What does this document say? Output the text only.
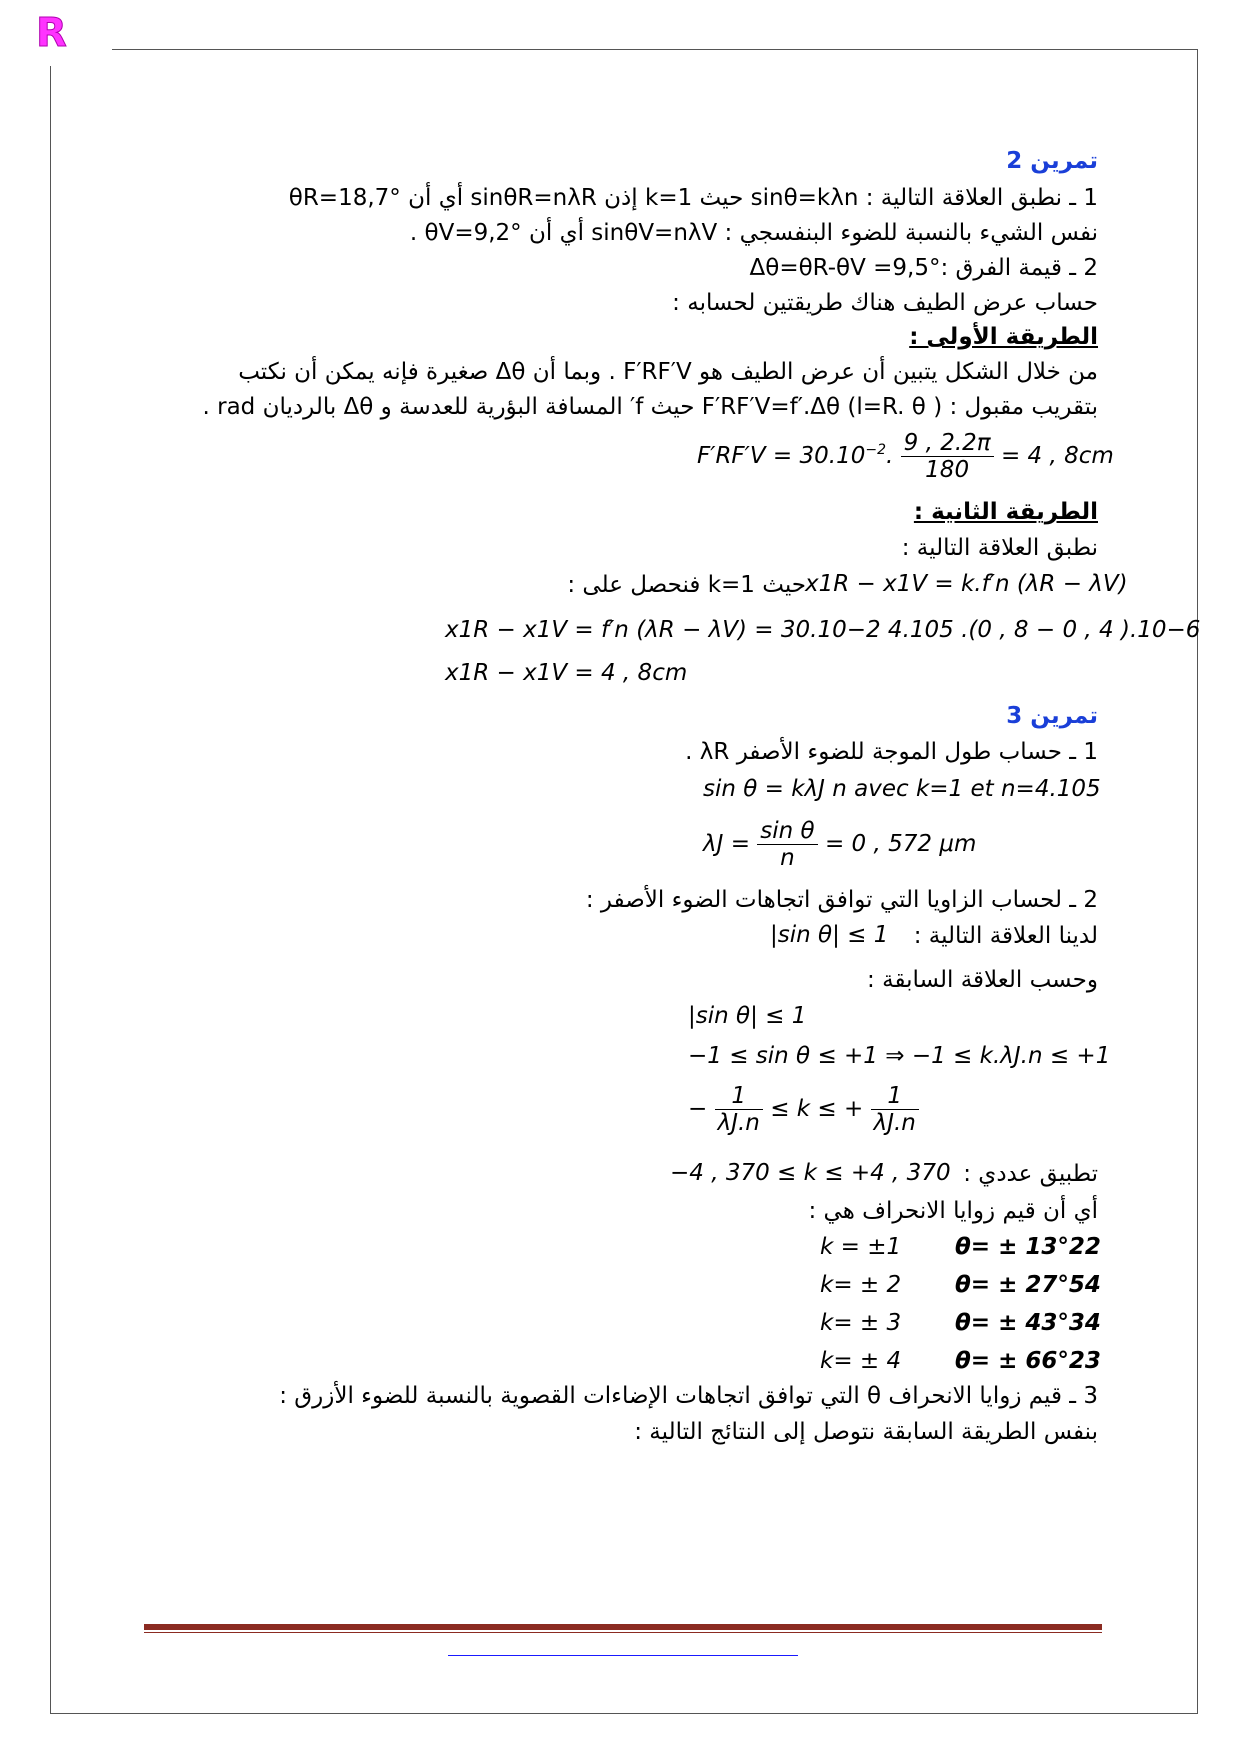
R
تمرين 2
1 ـ نطبق العلاقة التالية : sinθ=kλn حيث k=1 إذن sinθR=nλR أي أن θR=18,7°
نفس الشيء بالنسبة للضوء البنفسجي : sinθV=nλV أي أن θV=9,2° .
2 ـ قيمة الفرق :Δθ=θR-θV =9,5°
حساب عرض الطيف هناك طريقتين لحسابه :
الطريقة الأولى :
من خلال الشكل يتبين أن عرض الطيف هو F′RF′V . وبما أن Δθ صغيرة فإنه يمكن أن نكتب
بتقريب مقبول : F′RF′V=f′.Δθ (l=R. θ ) حيث f′ المسافة البؤرية للعدسة و Δθ بالرديان rad .
$F'RF'V = 30.10^{-2}$. $\frac{9 , 2.2\pi}{180} = 4$ , 8cm
الطريقة الثانية :
نطبق العلاقة التالية :
حيث k=1 فنحصل على : x1R − x1V = k.f′n (λR − λV)
x1R − x1V = f′n (λR − λV) = 30.10−2 4.105 .(0 , 8 − 0 , 4 ).10−6
x1R − x1V = 4 , 8cm
تمرين 3
1 ـ حساب طول الموجة للضوء الأصفر λR .
sin θ = kλJ n avec k=1 et n=4.105
$\lambda J = \frac{\text{sin θ}}{n} = 0$ , 572 μm
2 ـ لحساب الزاويا التي توافق اتجاهات الضوء الأصفر :
لدينا العلاقة التالية :
|sin θ| ≤ 1
وحسب العلاقة السابقة :
|sin θ| ≤ 1
−1 ≤ sin θ ≤ +1 ⇒ −1 ≤ k.λJ.n ≤ +1
− $\frac{1}{\lambda J.n} \le k$ ≤ + $\frac{1}{\lambda J.n}$
تطبيق عددي :
−4 , 370 ≤ k ≤ +4 , 370
أي أن قيم زوايا الانحراف هي :
k = ±1 θ= ± 13°22
k= ± 2 θ= ± 27°54
k= ± 3 θ= ± 43°34
k= ± 4 θ= ± 66°23
3 ـ قيم زوايا الانحراف θ التي توافق اتجاهات الإضاءات القصوية بالنسبة للضوء الأزرق :
بنفس الطريقة السابقة نتوصل إلى النتائج التالية :
